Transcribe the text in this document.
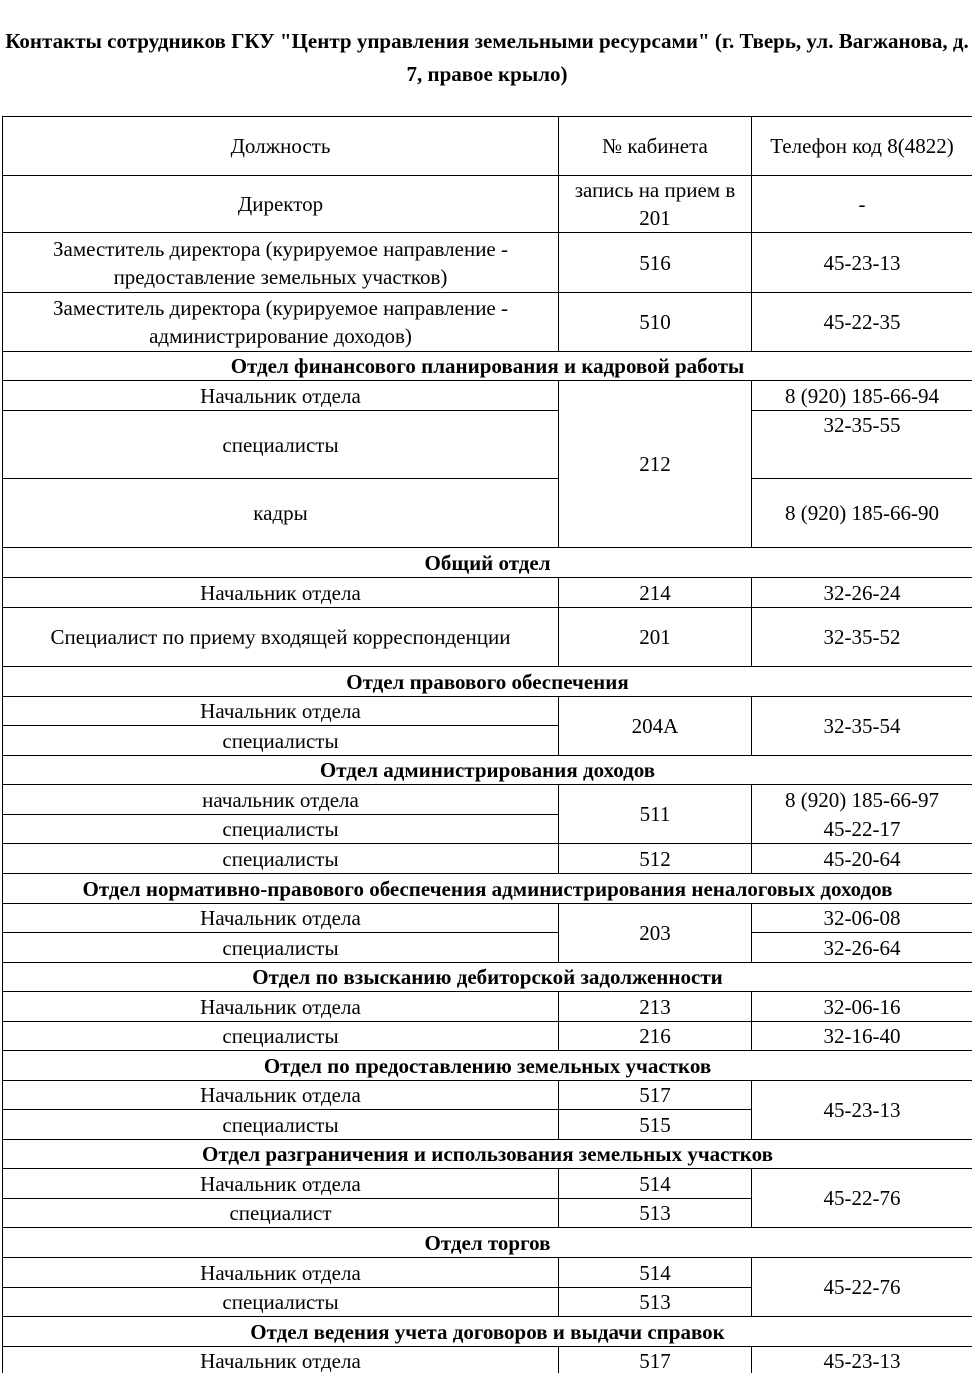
Контакты сотрудников ГКУ "Центр управления земельными ресурсами" (г. Тверь, ул. Вагжанова, д. 7, правое крыло)
Должность	№ кабинета	Телефон код 8(4822)
Директор	запись на прием в 201	-
Заместитель директора (курируемое направление - предоставление земельных участков)	516	45-23-13
Заместитель директора (курируемое направление - администрирование доходов)	510	45-22-35
Отдел финансового планирования и кадровой работы		
Начальник отдела	212	8 (920) 185-66-94
специалисты		32-35-55
кадры		8 (920) 185-66-90
Общий отдел		
Начальник отдела	214	32-26-24
Специалист по приему входящей корреспонденции	201	32-35-52
Отдел правового обеспечения		
Начальник отдела	204А	32-35-54
специалисты		
Отдел администрирования доходов		
начальник отдела	511	8 (920) 185-66-97
специалисты		45-22-17
специалисты	512	45-20-64
Отдел нормативно-правового обеспечения администрирования неналоговых доходов		
Начальник отдела	203	32-06-08
специалисты		32-26-64
Отдел по взысканию дебиторской задолженности		
Начальник отдела	213	32-06-16
специалисты	216	32-16-40
Отдел по предоставлению земельных участков		
Начальник отдела	517	45-23-13
специалисты	515	
Отдел разграничения и использования земельных участков		
Начальник отдела	514	45-22-76
специалист	513	
Отдел торгов		
Начальник отдела	514	45-22-76
специалисты	513	
Отдел ведения учета договоров и выдачи справок		
Начальник отдела	517	45-23-13
